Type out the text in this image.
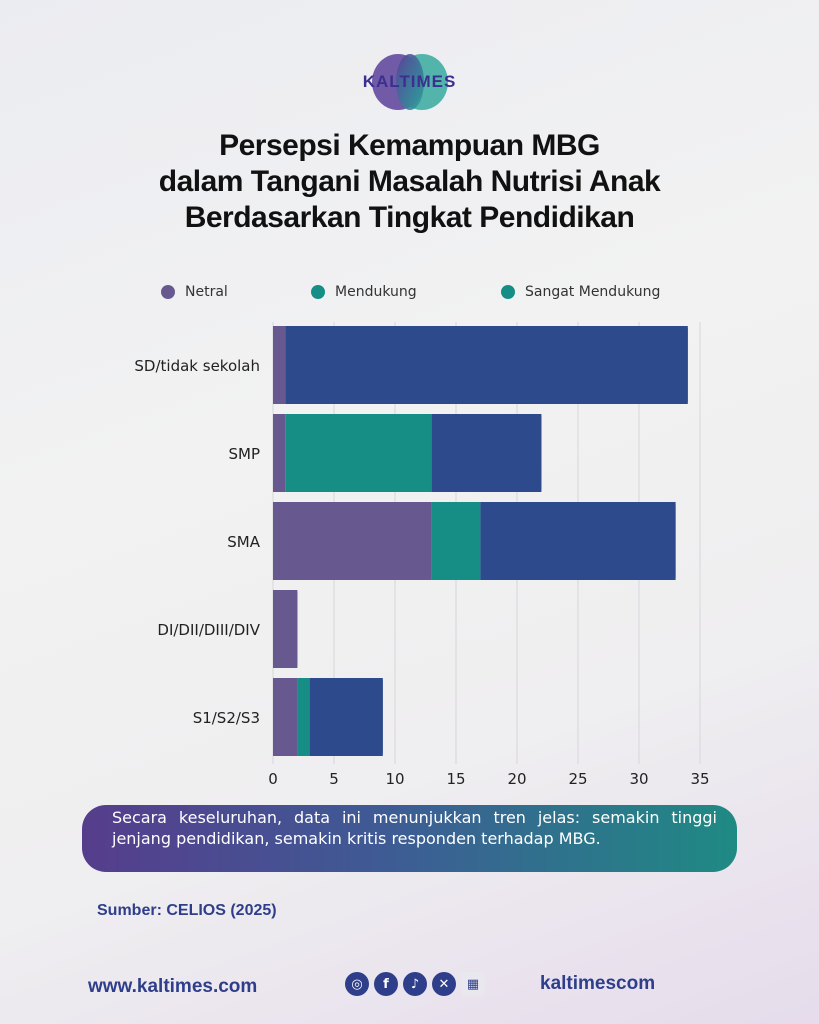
KALTIMES
Persepsi Kemampuan MBG
dalam Tangani Masalah Nutrisi Anak
Berdasarkan Tingkat Pendidikan
Netral	Mendukung	Sangat Mendukung
0	5	10	15	20	25	30	35
SD/tidak sekolah
SMP
SMA
DI/DII/DIII/DIV
S1/S2/S3

Secara keseluruhan, data ini menunjukkan tren jelas: semakin tinggi jenjang pendidikan, semakin kritis responden terhadap MBG.

Sumber: CELIOS (2025)
www.kaltimes.com	◎	f	♪	✕	▦	kaltimescom
